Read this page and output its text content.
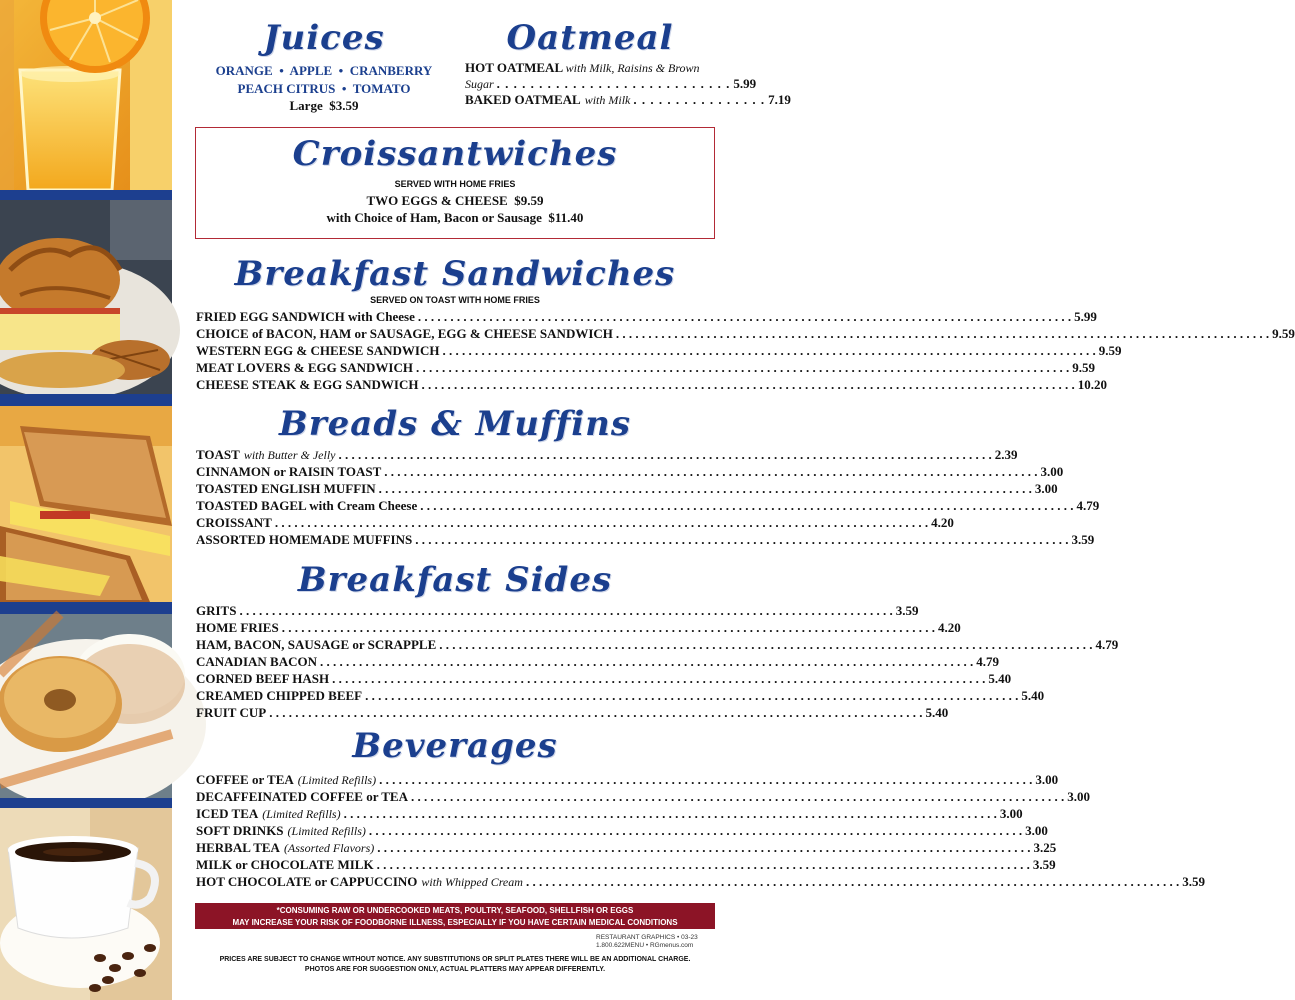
Juices
ORANGE  •  APPLE  •  CRANBERRY
PEACH CITRUS  •  TOMATO
Large  $3.59
Oatmeal
HOT OATMEAL with Milk, Raisins & Brown
Sugar . . . . . . . . . . . . . . . . . . . . . . . . . . . . 5.99
BAKED OATMEAL with Milk . . . . . . . . . . . . . . . . 7.19
Croissantwiches
SERVED WITH HOME FRIES
TWO EGGS & CHEESE  $9.59
with Choice of Ham, Bacon or Sausage  $11.40
Breakfast Sandwiches
SERVED ON TOAST WITH HOME FRIES
Breads & Muffins
Breakfast Sides
Beverages
*CONSUMING RAW OR UNDERCOOKED MEATS, POULTRY, SEAFOOD, SHELLFISH OR EGGS
MAY INCREASE YOUR RISK OF FOODBORNE ILLNESS, ESPECIALLY IF YOU HAVE CERTAIN MEDICAL CONDITIONS
RESTAURANT GRAPHICS • 03-23
1.800.622MENU • RGmenus.com
PRICES ARE SUBJECT TO CHANGE WITHOUT NOTICE. ANY SUBSTITUTIONS OR SPLIT PLATES THERE WILL BE AN ADDITIONAL CHARGE.
PHOTOS ARE FOR SUGGESTION ONLY, ACTUAL PLATTERS MAY APPEAR DIFFERENTLY.
FRIED EGG SANDWICH with Cheese . . .	5.99
CHOICE of BACON, HAM or SAUSAGE, EGG & CHEESE SANDWICH . . .	9.59
WESTERN EGG & CHEESE SANDWICH . . .	9.59
MEAT LOVERS & EGG SANDWICH . . .	9.59
CHEESE STEAK & EGG SANDWICH . . .	10.20
TOAST with Butter & Jelly . . .	2.39
CINNAMON or RAISIN TOAST . . .	3.00
TOASTED ENGLISH MUFFIN . . .	3.00
TOASTED BAGEL with Cream Cheese . . .	4.79
CROISSANT . . .	4.20
ASSORTED HOMEMADE MUFFINS . . .	3.59
GRITS . . .	3.59
HOME FRIES . . .	4.20
HAM, BACON, SAUSAGE or SCRAPPLE . . .	4.79
CANADIAN BACON . . .	4.79
CORNED BEEF HASH . . .	5.40
CREAMED CHIPPED BEEF . . .	5.40
FRUIT CUP . . .	5.40
COFFEE or TEA (Limited Refills) . . .	3.00
DECAFFEINATED COFFEE or TEA . . .	3.00
ICED TEA (Limited Refills) . . .	3.00
SOFT DRINKS (Limited Refills) . . .	3.00
HERBAL TEA (Assorted Flavors) . . .	3.25
MILK or CHOCOLATE MILK . . .	3.59
HOT CHOCOLATE or CAPPUCCINO with Whipped Cream . . .	3.59
